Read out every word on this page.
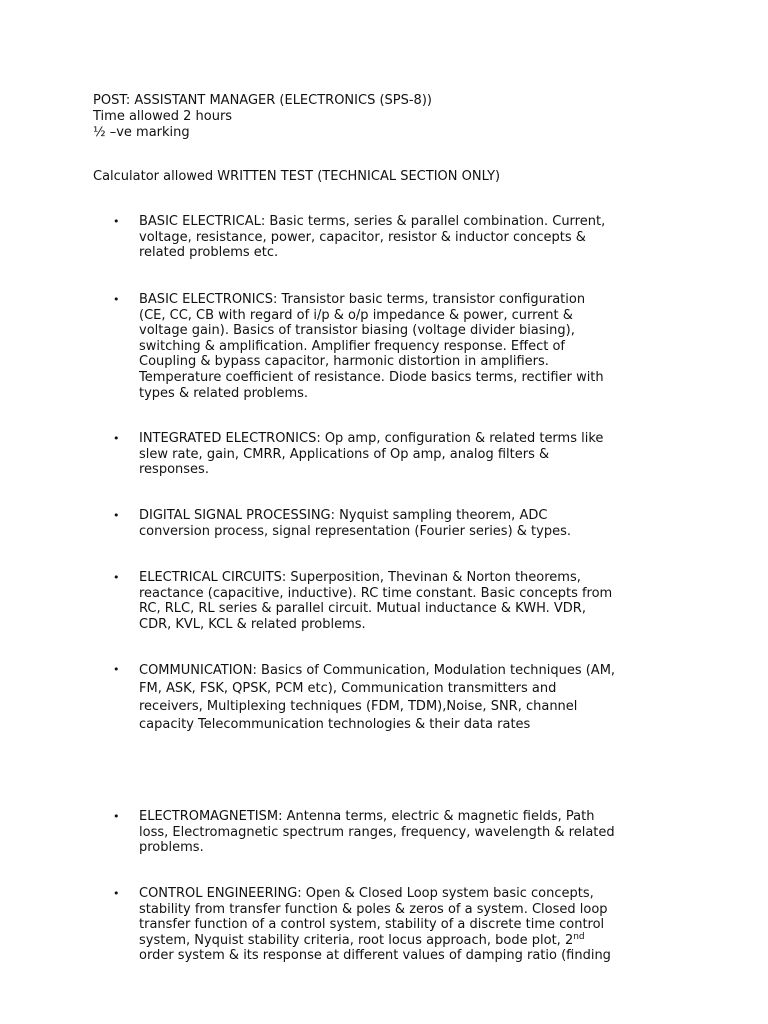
POST: ASSISTANT MANAGER (ELECTRONICS (SPS-8))
Time allowed 2 hours
½ –ve marking
Calculator allowed WRITTEN TEST (TECHNICAL SECTION ONLY)
•	BASIC ELECTRICAL: Basic terms, series & parallel combination. Current,
voltage, resistance, power, capacitor, resistor & inductor concepts &
related problems etc.
•	BASIC ELECTRONICS: Transistor basic terms, transistor configuration
(CE, CC, CB with regard of i/p & o/p impedance & power, current &
voltage gain). Basics of transistor biasing (voltage divider biasing),
switching & amplification. Amplifier frequency response. Effect of
Coupling & bypass capacitor, harmonic distortion in amplifiers.
Temperature coefficient of resistance. Diode basics terms, rectifier with
types & related problems.
•	INTEGRATED ELECTRONICS: Op amp, configuration & related terms like
slew rate, gain, CMRR, Applications of Op amp, analog filters &
responses.
•	DIGITAL SIGNAL PROCESSING: Nyquist sampling theorem, ADC
conversion process, signal representation (Fourier series) & types.
•	ELECTRICAL CIRCUITS: Superposition, Thevinan & Norton theorems,
reactance (capacitive, inductive). RC time constant. Basic concepts from
RC, RLC, RL series & parallel circuit. Mutual inductance & KWH. VDR,
CDR, KVL, KCL & related problems.
•	COMMUNICATION: Basics of Communication, Modulation techniques (AM,
FM, ASK, FSK, QPSK, PCM etc), Communication transmitters and
receivers, Multiplexing techniques (FDM, TDM),Noise, SNR, channel
capacity Telecommunication technologies & their data rates
•	ELECTROMAGNETISM: Antenna terms, electric & magnetic fields, Path
loss, Electromagnetic spectrum ranges, frequency, wavelength & related
problems.
•	CONTROL ENGINEERING: Open & Closed Loop system basic concepts,
stability from transfer function & poles & zeros of a system. Closed loop
transfer function of a control system, stability of a discrete time control
system, Nyquist stability criteria, root locus approach, bode plot, 2nd
order system & its response at different values of damping ratio (finding
